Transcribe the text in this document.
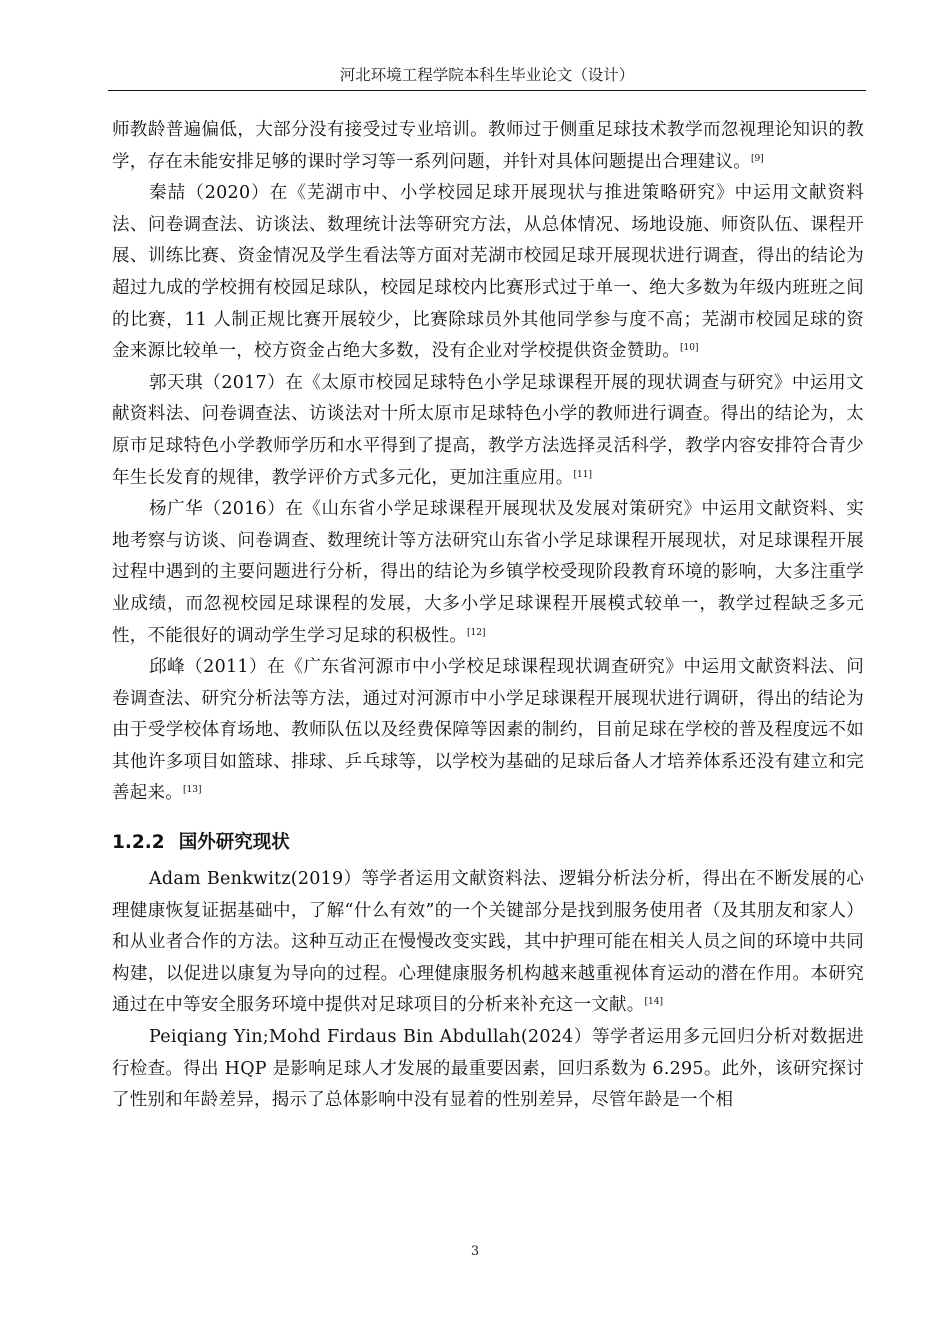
河北环境工程学院本科生毕业论文（设计）

师教龄普遍偏低，大部分没有接受过专业培训。教师过于侧重足球技术教学而忽视理论知识的教学，存在未能安排足够的课时学习等一系列问题，并针对具体问题提出合理建议。[9]

秦喆（2020）在《芜湖市中、小学校园足球开展现状与推进策略研究》中运用文献资料法、问卷调查法、访谈法、数理统计法等研究方法，从总体情况、场地设施、师资队伍、课程开展、训练比赛、资金情况及学生看法等方面对芜湖市校园足球开展现状进行调查，得出的结论为超过九成的学校拥有校园足球队，校园足球校内比赛形式过于单一、绝大多数为年级内班班之间的比赛，11 人制正规比赛开展较少，比赛除球员外其他同学参与度不高；芜湖市校园足球的资金来源比较单一，校方资金占绝大多数，没有企业对学校提供资金赞助。[10]

郭天琪（2017）在《太原市校园足球特色小学足球课程开展的现状调查与研究》中运用文献资料法、问卷调查法、访谈法对十所太原市足球特色小学的教师进行调查。得出的结论为，太原市足球特色小学教师学历和水平得到了提高，教学方法选择灵活科学，教学内容安排符合青少年生长发育的规律，教学评价方式多元化，更加注重应用。[11]

杨广华（2016）在《山东省小学足球课程开展现状及发展对策研究》中运用文献资料、实地考察与访谈、问卷调查、数理统计等方法研究山东省小学足球课程开展现状，对足球课程开展过程中遇到的主要问题进行分析，得出的结论为乡镇学校受现阶段教育环境的影响，大多注重学业成绩，而忽视校园足球课程的发展，大多小学足球课程开展模式较单一，教学过程缺乏多元性，不能很好的调动学生学习足球的积极性。[12]

邱峰（2011）在《广东省河源市中小学校足球课程现状调查研究》中运用文献资料法、问卷调查法、研究分析法等方法，通过对河源市中小学足球课程开展现状进行调研，得出的结论为由于受学校体育场地、教师队伍以及经费保障等因素的制约，目前足球在学校的普及程度远不如其他许多项目如篮球、排球、乒乓球等，以学校为基础的足球后备人才培养体系还没有建立和完善起来。[13]

1.2.2 国外研究现状

Adam Benkwitz(2019）等学者运用文献资料法、逻辑分析法分析，得出在不断发展的心理健康恢复证据基础中，了解“什么有效”的一个关键部分是找到服务使用者（及其朋友和家人）和从业者合作的方法。这种互动正在慢慢改变实践，其中护理可能在相关人员之间的环境中共同构建，以促进以康复为导向的过程。心理健康服务机构越来越重视体育运动的潜在作用。本研究通过在中等安全服务环境中提供对足球项目的分析来补充这一文献。[14]

Peiqiang Yin;Mohd Firdaus Bin Abdullah(2024）等学者运用多元回归分析对数据进行检查。得出 HQP 是影响足球人才发展的最重要因素，回归系数为 6.295。此外，该研究探讨了性别和年龄差异，揭示了总体影响中没有显着的性别差异，尽管年龄是一个相

3
